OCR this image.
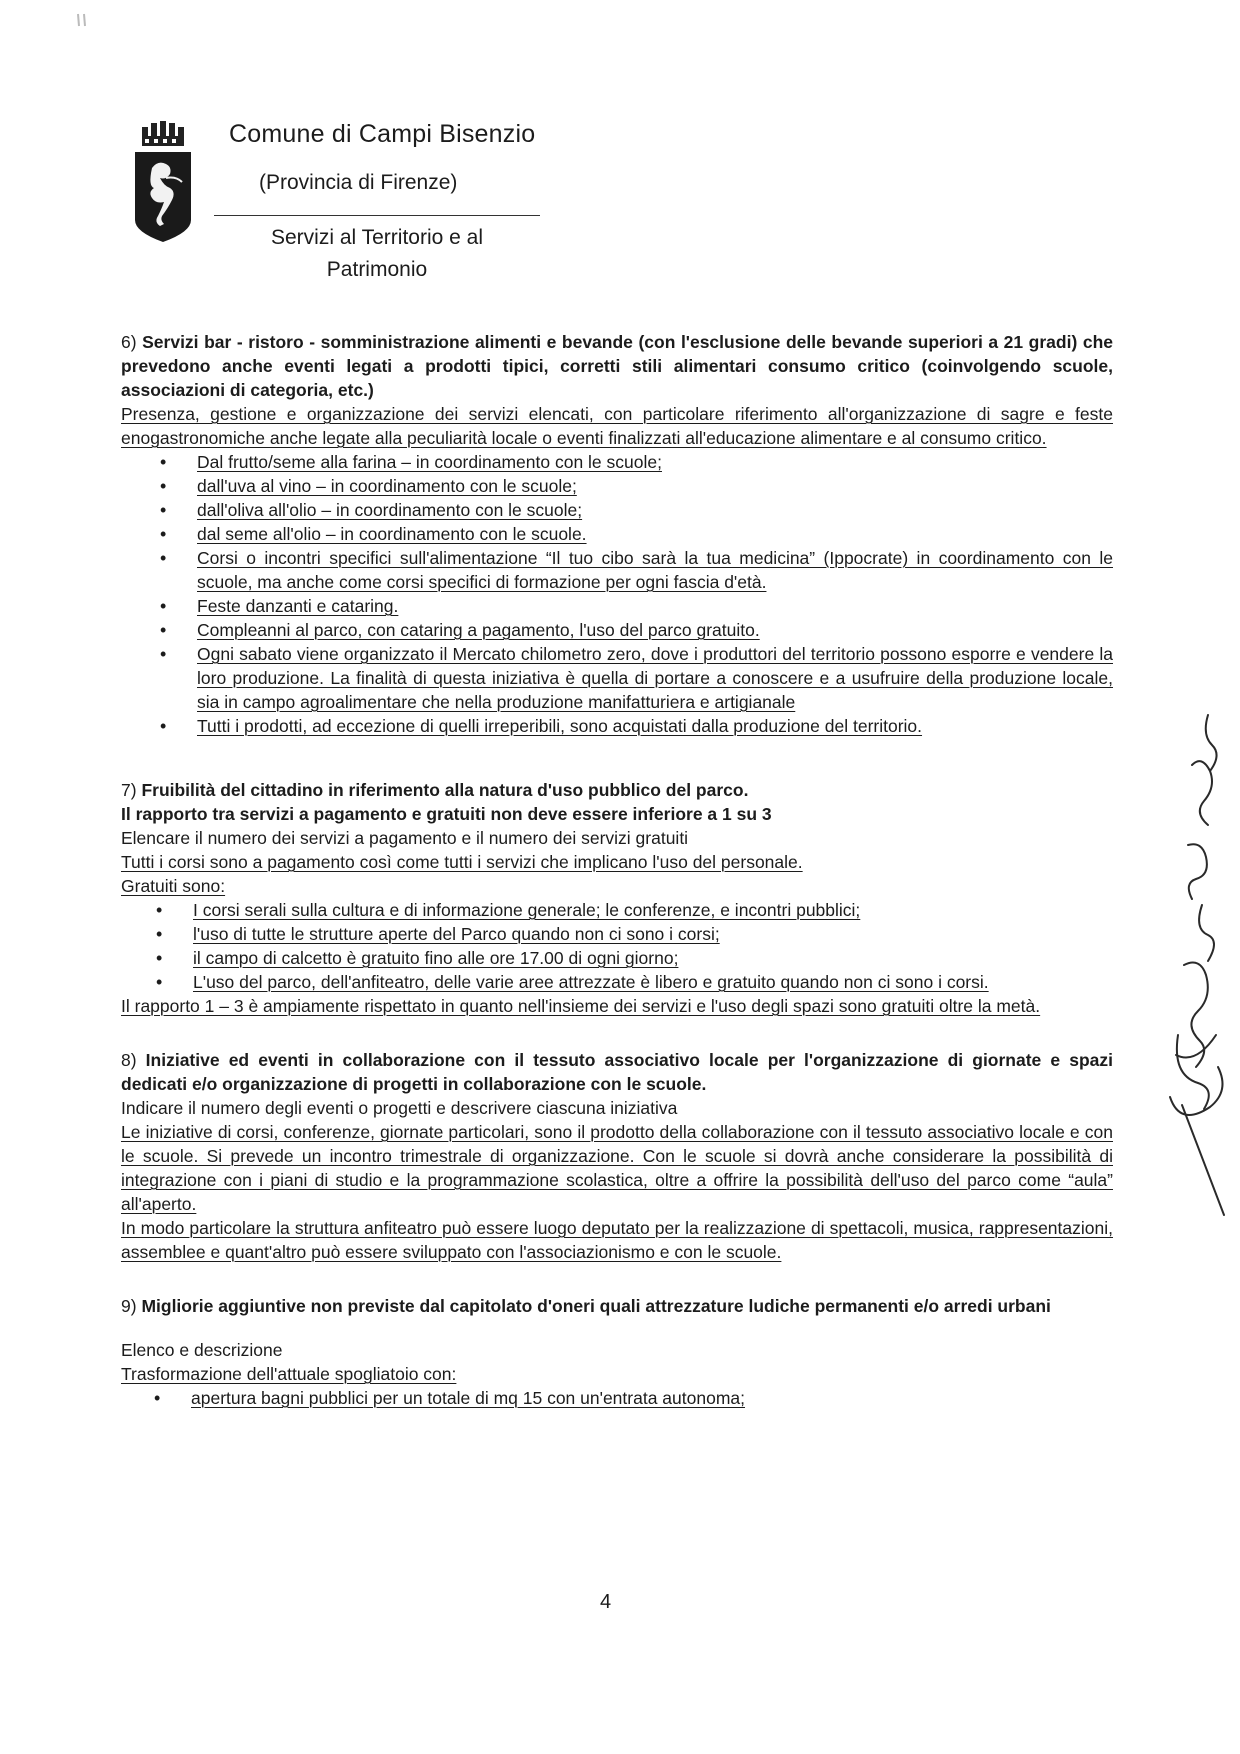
Comune di Campi Bisenzio
(Provincia di Firenze)
Servizi al Territorio e al
Patrimonio
6) Servizi bar - ristoro - somministrazione alimenti e bevande (con l'esclusione delle bevande superiori a 21 gradi) che prevedono anche eventi legati a prodotti tipici, corretti stili alimentari consumo critico (coinvolgendo scuole, associazioni di categoria, etc.)
Presenza, gestione e organizzazione dei servizi elencati, con particolare riferimento all'organizzazione di sagre e feste enogastronomiche anche legate alla peculiarità locale o eventi finalizzati all'educazione alimentare e al consumo critico.
• Dal frutto/seme alla farina – in coordinamento con le scuole;
• dall'uva al vino – in coordinamento con le scuole;
• dall'oliva all'olio – in coordinamento con le scuole;
• dal seme all'olio – in coordinamento con le scuole.
• Corsi o incontri specifici sull'alimentazione “Il tuo cibo sarà la tua medicina” (Ippocrate) in coordinamento con le scuole, ma anche come corsi specifici di formazione per ogni fascia d'età.
• Feste danzanti e cataring.
• Compleanni al parco, con cataring a pagamento, l'uso del parco gratuito.
• Ogni sabato viene organizzato il Mercato chilometro zero, dove i produttori del territorio possono esporre e vendere la loro produzione. La finalità di questa iniziativa è quella di portare a conoscere e a usufruire della produzione locale, sia in campo agroalimentare che nella produzione manifatturiera e artigianale
• Tutti i prodotti, ad eccezione di quelli irreperibili, sono acquistati dalla produzione del territorio.
7) Fruibilità del cittadino in riferimento alla natura d'uso pubblico del parco.
Il rapporto tra servizi a pagamento e gratuiti non deve essere inferiore a 1 su 3
Elencare il numero dei servizi a pagamento e il numero dei servizi gratuiti
Tutti i corsi sono a pagamento così come tutti i servizi che implicano l'uso del personale.
Gratuiti sono:
• I corsi serali sulla cultura e di informazione generale; le conferenze, e incontri pubblici;
• l'uso di tutte le strutture aperte del Parco quando non ci sono i corsi;
• il campo di calcetto è gratuito fino alle ore 17.00 di ogni giorno;
• L'uso del parco, dell'anfiteatro, delle varie aree attrezzate è libero e gratuito quando non ci sono i corsi.
Il rapporto 1 – 3 è ampiamente rispettato in quanto nell'insieme dei servizi e l'uso degli spazi sono gratuiti oltre la metà.
8) Iniziative ed eventi in collaborazione con il tessuto associativo locale per l'organizzazione di giornate e spazi dedicati e/o organizzazione di progetti in collaborazione con le scuole.
Indicare il numero degli eventi o progetti e descrivere ciascuna iniziativa
Le iniziative di corsi, conferenze, giornate particolari, sono il prodotto della collaborazione con il tessuto associativo locale e con le scuole. Si prevede un incontro trimestrale di organizzazione. Con le scuole si dovrà anche considerare la possibilità di integrazione con i piani di studio e la programmazione scolastica, oltre a offrire la possibilità dell'uso del parco come “aula” all'aperto.
In modo particolare la struttura anfiteatro può essere luogo deputato per la realizzazione di spettacoli, musica, rappresentazioni, assemblee e quant'altro può essere sviluppato con l'associazionismo e con le scuole.
9) Migliorie aggiuntive non previste dal capitolato d'oneri quali attrezzature ludiche permanenti e/o arredi urbani
Elenco e descrizione
Trasformazione dell'attuale spogliatoio con:
• apertura bagni pubblici per un totale di mq 15 con un'entrata autonoma;
4
